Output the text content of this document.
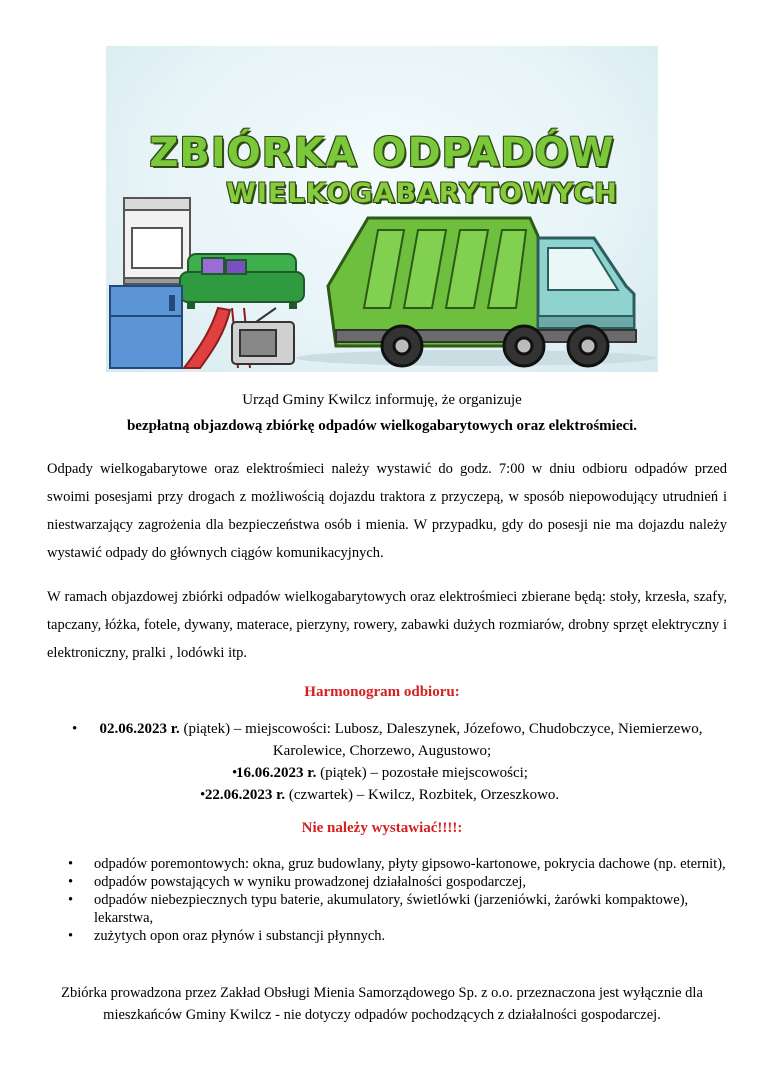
ZBIÓRKA ODPADÓW
WIELKOGABARYTOWYCH
Urząd Gminy Kwilcz informuję, że organizuje
bezpłatną objazdową zbiórkę odpadów wielkogabarytowych oraz elektrośmieci.
Odpady wielkogabarytowe oraz elektrośmieci należy wystawić do godz. 7:00 w dniu odbioru odpadów przed swoimi posesjami przy drogach z możliwością dojazdu traktora z przyczepą, w sposób niepowodujący utrudnień i niestwarzający zagrożenia dla bezpieczeństwa osób i mienia. W przypadku, gdy do posesji nie ma dojazdu należy wystawić odpady do głównych ciągów komunikacyjnych.
W ramach objazdowej zbiórki odpadów wielkogabarytowych oraz elektrośmieci zbierane będą: stoły, krzesła, szafy, tapczany, łóżka, fotele, dywany, materace, pierzyny, rowery, zabawki dużych rozmiarów, drobny sprzęt elektryczny i elektroniczny, pralki , lodówki itp.
Harmonogram odbioru:
• 02.06.2023 r. (piątek) – miejscowości: Lubosz, Daleszynek, Józefowo, Chudobczyce, Niemierzewo,
Karolewice, Chorzewo, Augustowo;
•
16.06.2023 r. (piątek) – pozostałe miejscowości;
• 22.06.2023 r. (czwartek) – Kwilcz, Rozbitek, Orzeszkowo.
Nie należy wystawiać!!!!:
• odpadów poremontowych: okna, gruz budowlany, płyty gipsowo-kartonowe, pokrycia dachowe (np. eternit),
• odpadów powstających w wyniku prowadzonej działalności gospodarczej,
• odpadów niebezpiecznych typu baterie, akumulatory, świetlówki (jarzeniówki, żarówki kompaktowe), lekarstwa,
• zużytych opon oraz płynów i substancji płynnych.
Zbiórka prowadzona przez Zakład Obsługi Mienia Samorządowego Sp. z o.o. przeznaczona jest wyłącznie dla mieszkańców Gminy Kwilcz - nie dotyczy odpadów pochodzących z działalności gospodarczej.
